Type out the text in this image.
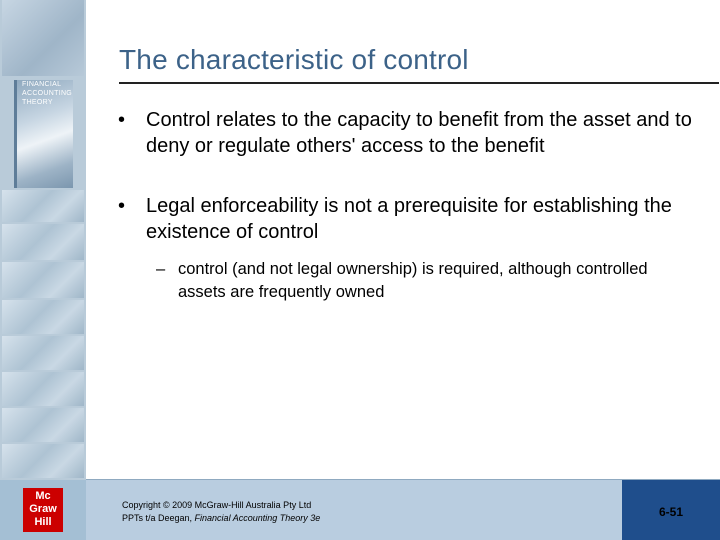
FINANCIAL
ACCOUNTING
THEORY
Mc
Graw
Hill
The characteristic of control
• Control relates to the capacity to benefit from the asset and to deny or regulate others' access to the benefit
• Legal enforceability is not a prerequisite for establishing the existence of control
– control (and not legal ownership) is required, although controlled assets are frequently owned
Copyright © 2009 McGraw-Hill Australia Pty Ltd
PPTs t/a Deegan, Financial Accounting Theory 3e	6-51
